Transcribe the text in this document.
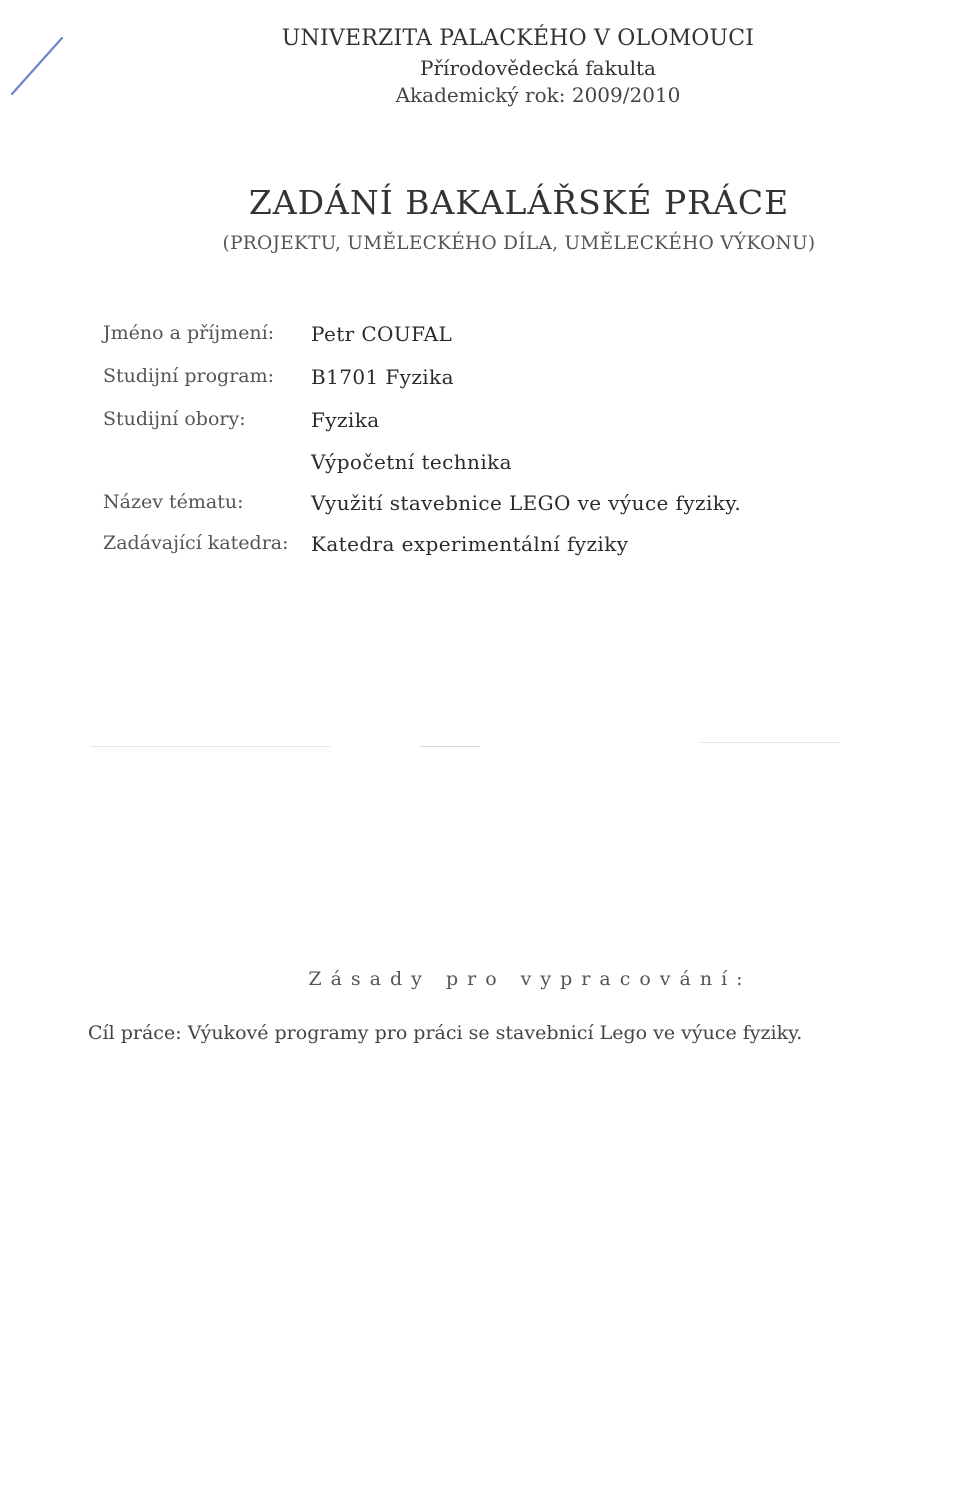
UNIVERZITA PALACKÉHO V OLOMOUCI
Přírodovědecká fakulta
Akademický rok: 2009/2010
ZADÁNÍ BAKALÁŘSKÉ PRÁCE
(PROJEKTU, UMĚLECKÉHO DÍLA, UMĚLECKÉHO VÝKONU)
Jméno a příjmení: Petr COUFAL
Studijní program: B1701 Fyzika
Studijní obory:	Fyzika
Výpočetní technika
Název tématu:	Využití stavebnice LEGO ve výuce fyziky.
Zadávající katedra: Katedra experimentální fyziky
Zásady pro vypracování:
Cíl práce: Výukové programy pro práci se stavebnicí Lego ve výuce fyziky.
